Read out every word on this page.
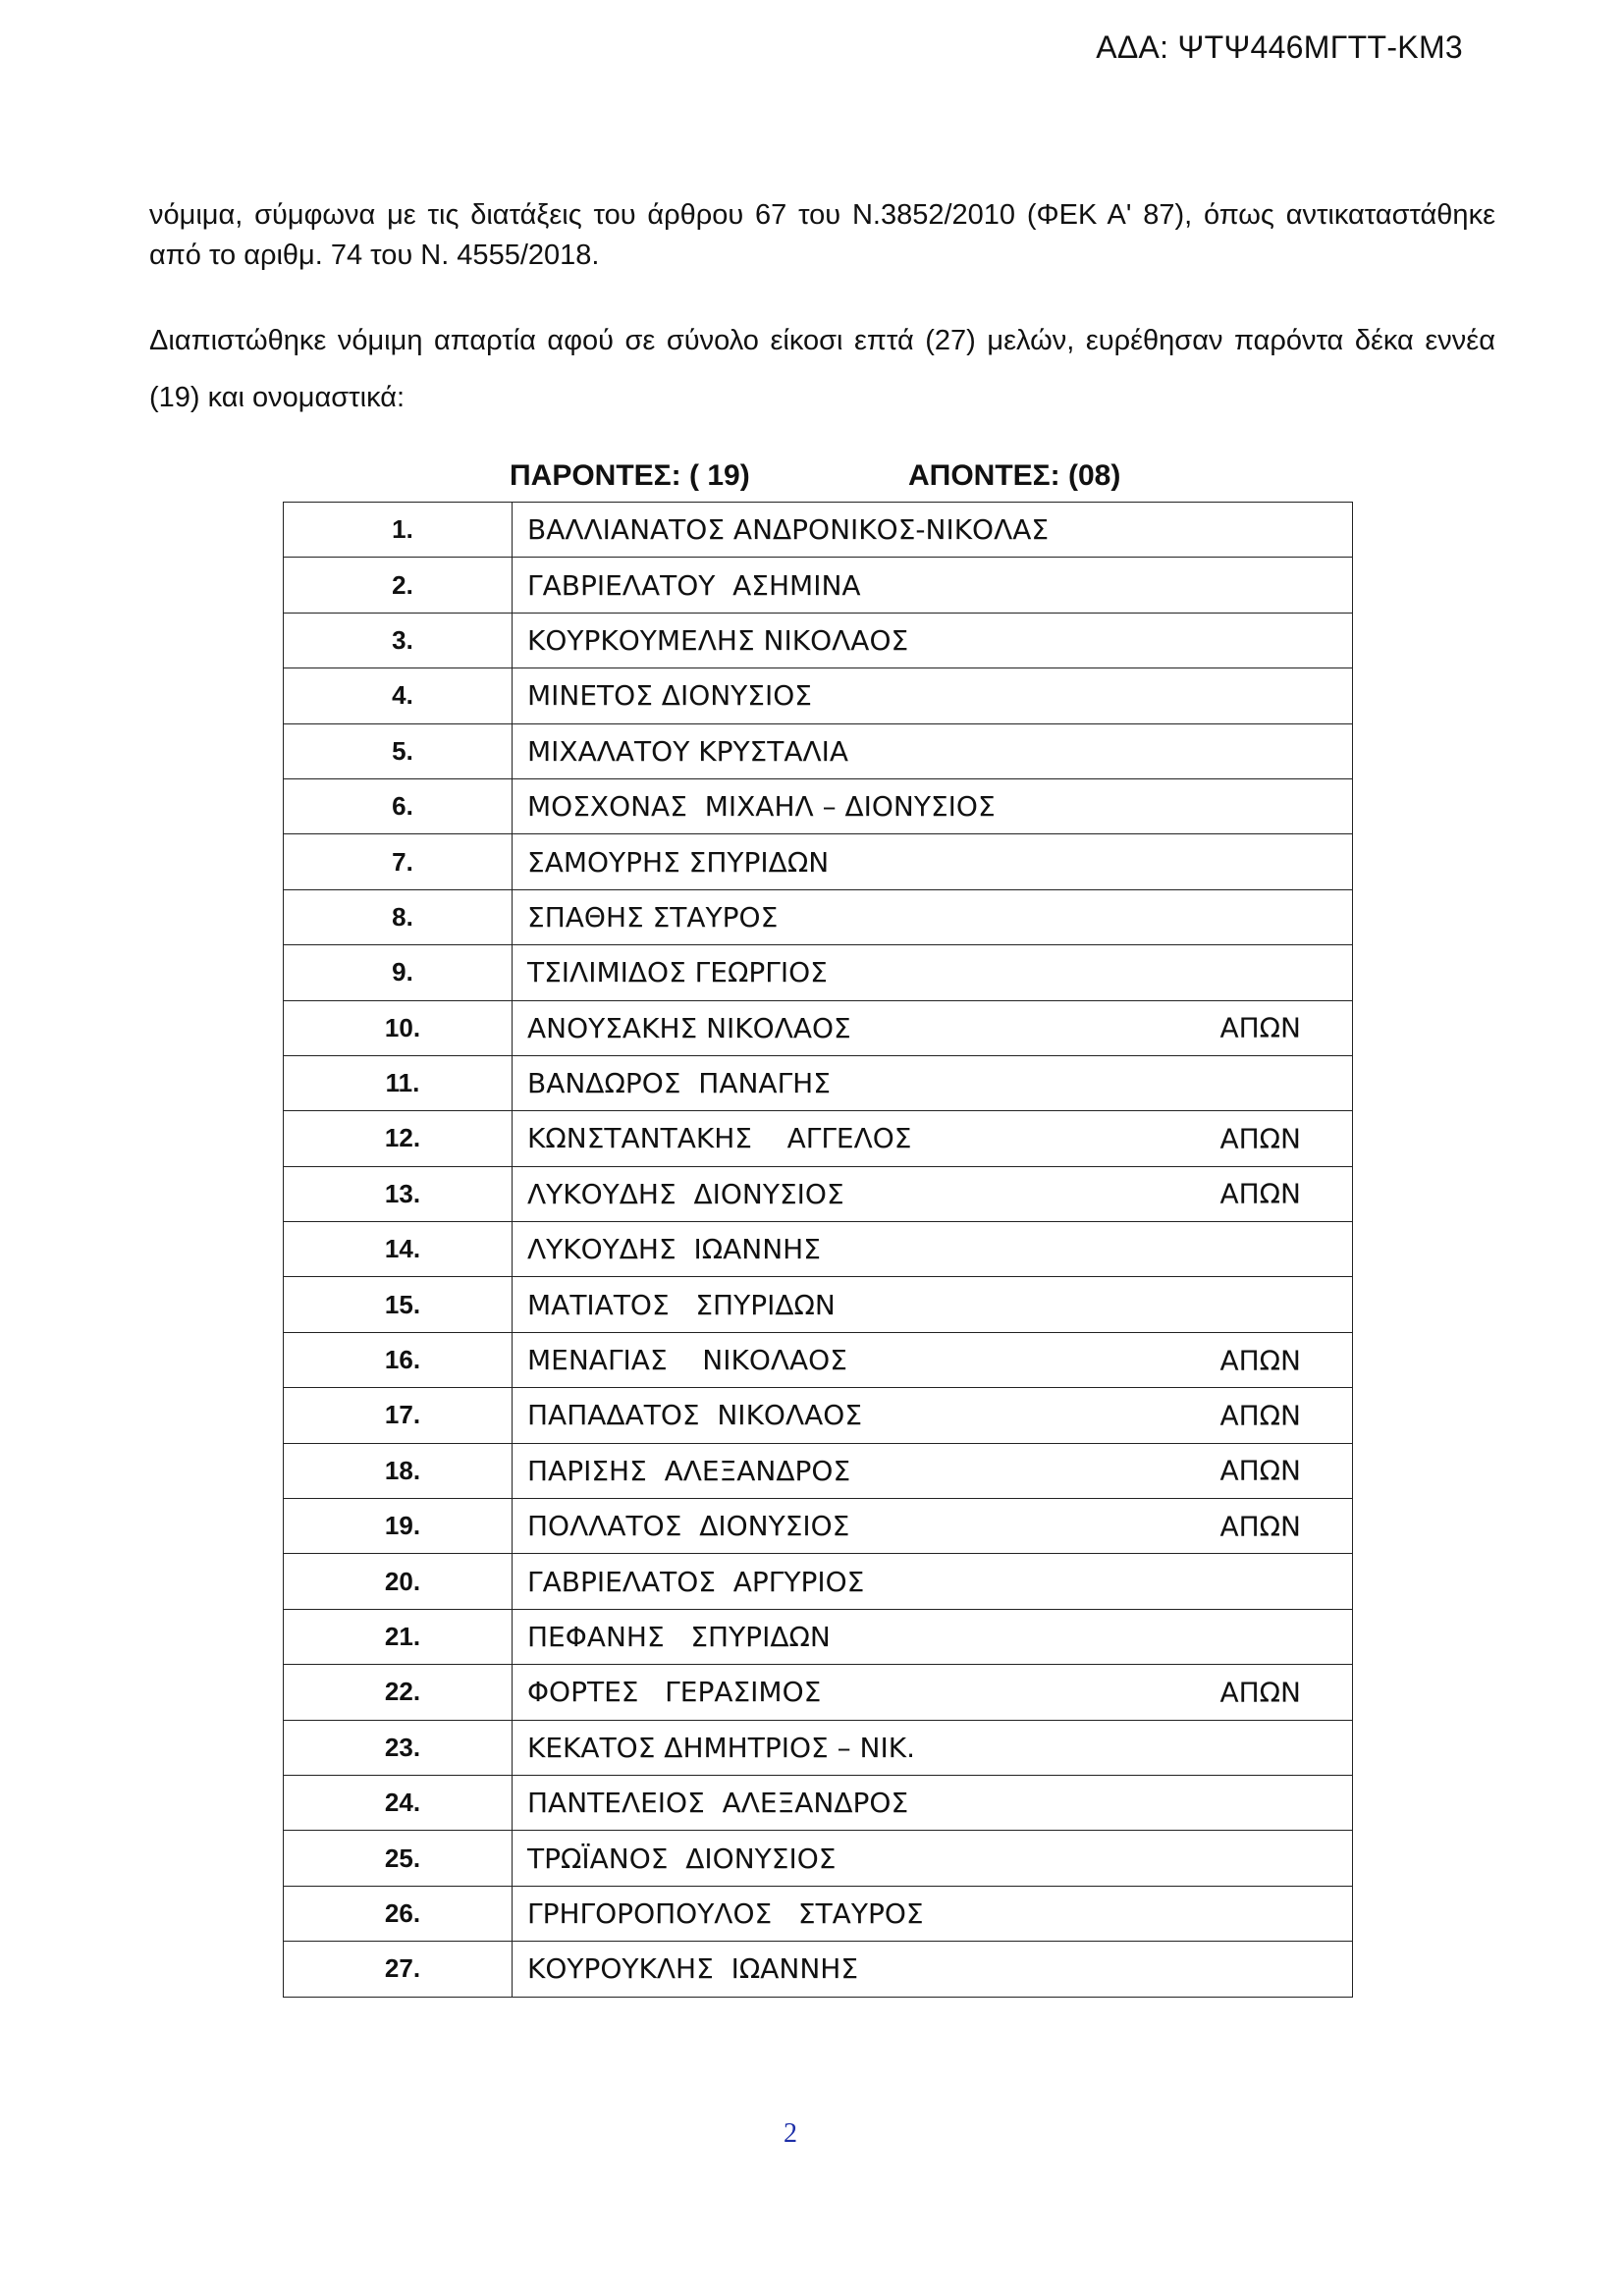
ΑΔΑ: ΨΤΨ446ΜΓΤΤ-ΚΜ3
νόμιμα, σύμφωνα με τις διατάξεις του άρθρου 67 του Ν.3852/2010 (ΦΕΚ Α' 87), όπως αντικαταστάθηκε από το αριθμ. 74 του Ν. 4555/2018.
Διαπιστώθηκε νόμιμη απαρτία αφού σε σύνολο είκοσι επτά (27) μελών, ευρέθησαν παρόντα δέκα εννέα (19) και ονομαστικά:
ΠΑΡΟΝΤΕΣ: ( 19)	ΑΠΟΝΤΕΣ: (08)
1.	ΒΑΛΛΙΑΝΑΤΟΣ ΑΝΔΡΟΝΙΚΟΣ-ΝΙΚΟΛΑΣ
2.	ΓΑΒΡΙΕΛΑΤΟΥ  ΑΣΗΜΙΝΑ
3.	ΚΟΥΡΚΟΥΜΕΛΗΣ ΝΙΚΟΛΑΟΣ
4.	ΜΙΝΕΤΟΣ ΔΙΟΝΥΣΙΟΣ
5.	ΜΙΧΑΛΑΤΟΥ ΚΡΥΣΤΑΛΙΑ
6.	ΜΟΣΧΟΝΑΣ  ΜΙΧΑΗΛ – ΔΙΟΝΥΣΙΟΣ
7.	ΣΑΜΟΥΡΗΣ ΣΠΥΡΙΔΩΝ
8.	ΣΠΑΘΗΣ ΣΤΑΥΡΟΣ
9.	ΤΣΙΛΙΜΙΔΟΣ ΓΕΩΡΓΙΟΣ
10.	ΑΝΟΥΣΑΚΗΣ ΝΙΚΟΛΑΟΣ ΑΠΩΝ

11.	ΒΑΝΔΩΡΟΣ  ΠΑΝΑΓΗΣ
12.	ΚΩΝΣΤΑΝΤΑΚΗΣ    ΑΓΓΕΛΟΣ ΑΠΩΝ

13.	ΛΥΚΟΥΔΗΣ  ΔΙΟΝΥΣΙΟΣ ΑΠΩΝ

14.	ΛΥΚΟΥΔΗΣ  ΙΩΑΝΝΗΣ
15.	ΜΑΤΙΑΤΟΣ   ΣΠΥΡΙΔΩΝ
16.	ΜΕΝΑΓΙΑΣ    ΝΙΚΟΛΑΟΣ ΑΠΩΝ

17.	ΠΑΠΑΔΑΤΟΣ  ΝΙΚΟΛΑΟΣ ΑΠΩΝ

18.	ΠΑΡΙΣΗΣ  ΑΛΕΞΑΝΔΡΟΣ ΑΠΩΝ

19.	ΠΟΛΛΑΤΟΣ  ΔΙΟΝΥΣΙΟΣ ΑΠΩΝ

20.	ΓΑΒΡΙΕΛΑΤΟΣ  ΑΡΓΥΡΙΟΣ
21.	ΠΕΦΑΝΗΣ   ΣΠΥΡΙΔΩΝ
22.	ΦΟΡΤΕΣ   ΓΕΡΑΣΙΜΟΣ ΑΠΩΝ

23.	ΚΕΚΑΤΟΣ ΔΗΜΗΤΡΙΟΣ – ΝΙΚ.
24.	ΠΑΝΤΕΛΕΙΟΣ  ΑΛΕΞΑΝΔΡΟΣ
25.	ΤΡΩΪΑΝΟΣ  ΔΙΟΝΥΣΙΟΣ
26.	ΓΡΗΓΟΡΟΠΟΥΛΟΣ   ΣΤΑΥΡΟΣ
27.	ΚΟΥΡΟΥΚΛΗΣ  ΙΩΑΝΝΗΣ
2
